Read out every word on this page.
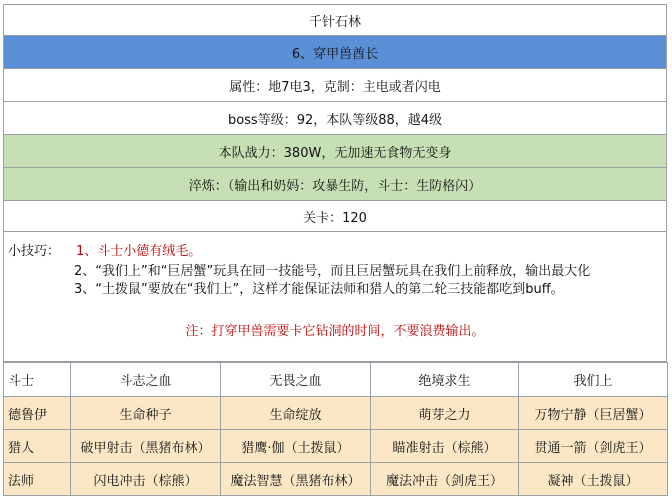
千针石林
6、穿甲兽酋长
属性：地7电3，克制：主电或者闪电
boss等级：92，本队等级88，越4级
本队战力：380W，无加速无食物无变身
淬炼：（输出和奶妈：攻暴生防，斗士：生防格闪）
关卡：120
小技巧： 1、斗士小德有绒毛。
2、“我们上”和“巨居蟹”玩具在同一技能号，而且巨居蟹玩具在我们上前释放，输出最大化
3、“土拨鼠”要放在“我们上”，这样才能保证法师和猎人的第二轮三技能都吃到buff。
注：打穿甲兽需要卡它钻洞的时间，不要浪费输出。
斗士	斗志之血	无畏之血	绝境求生	我们上
德鲁伊	生命种子	生命绽放	萌芽之力	万物宁静（巨居蟹）
猎人	破甲射击（黑猪布林）	猎鹰·伽（土拨鼠）	瞄准射击（棕熊）	贯通一箭（剑虎王）
法师	闪电冲击（棕熊）	魔法智慧（黑猪布林）	魔法冲击（剑虎王）	凝神（土拨鼠）
